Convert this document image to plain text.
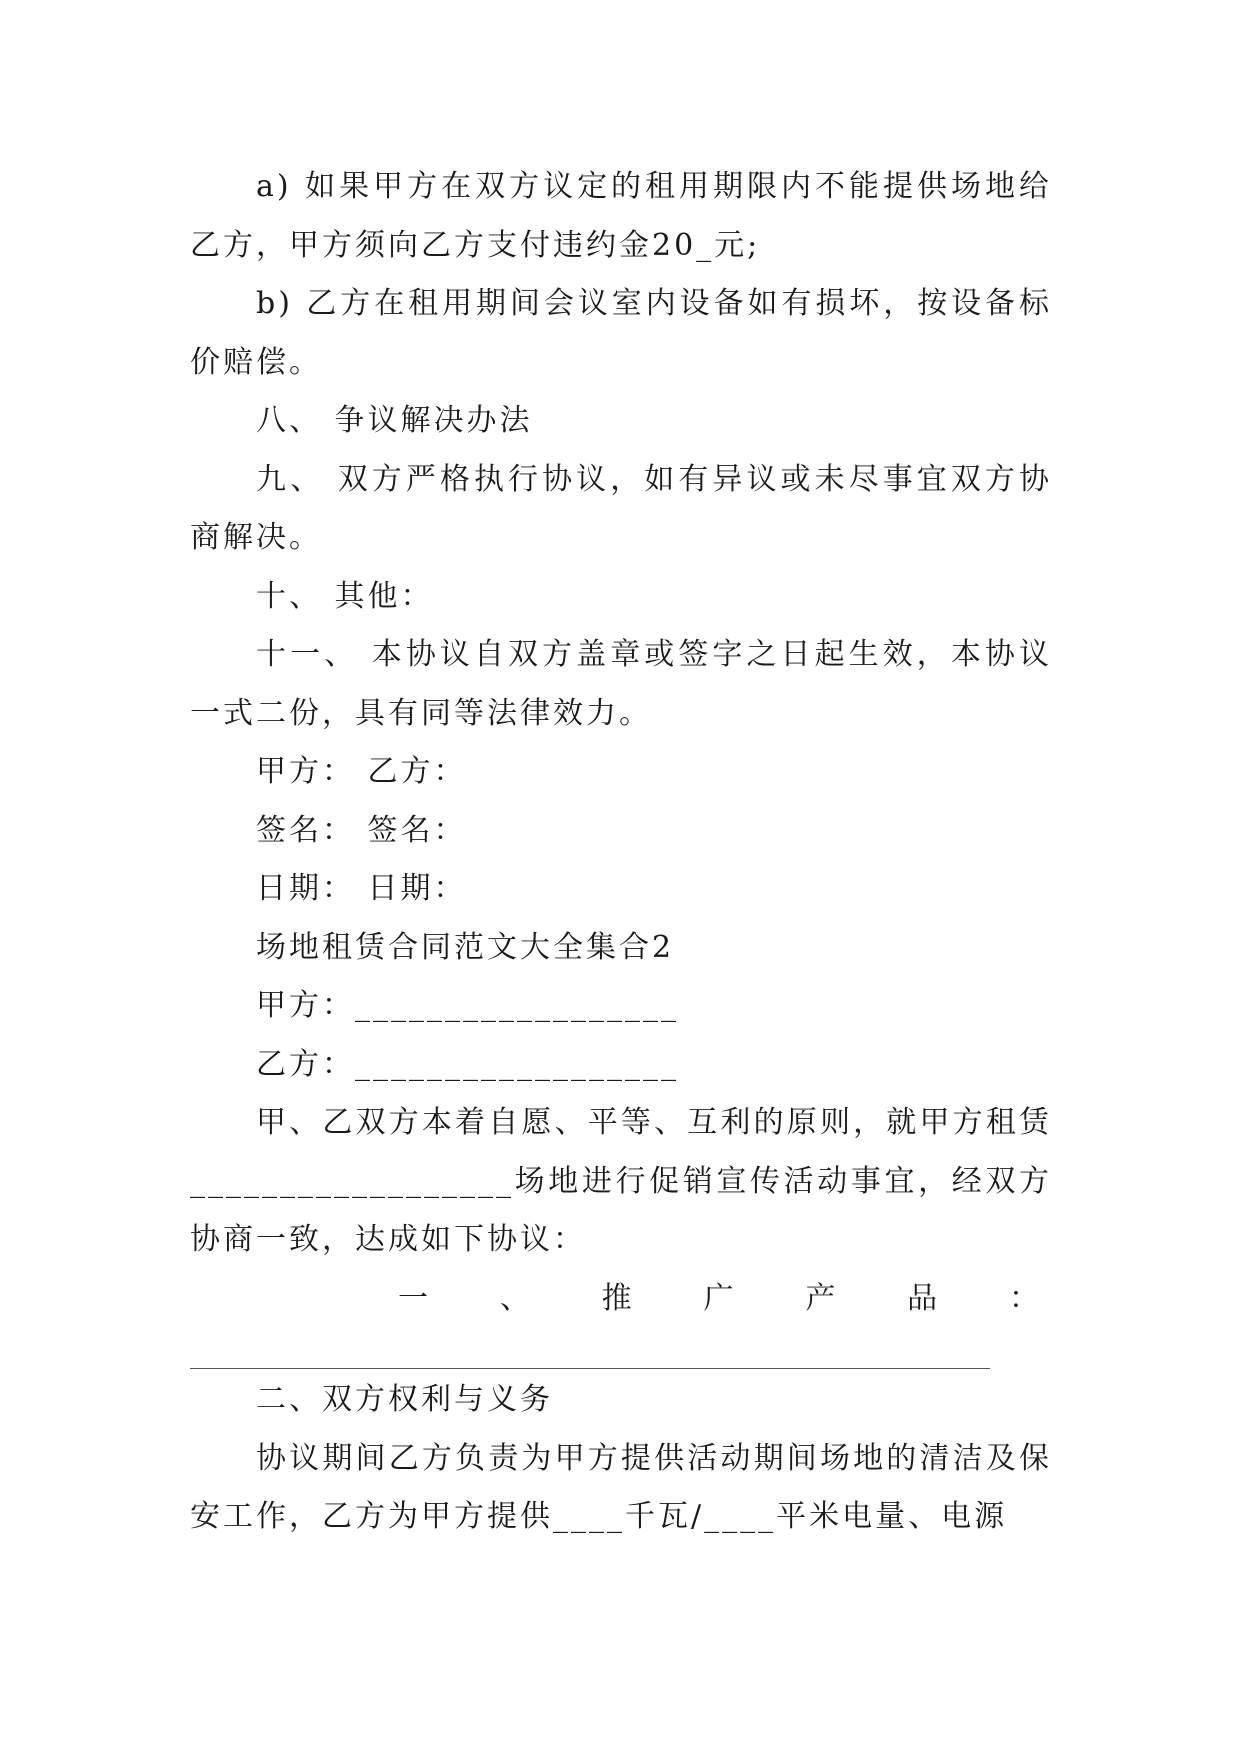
a) 如果甲方在双方议定的租用期限内不能提供场地给乙方，甲方须向乙方支付违约金20_元;

b) 乙方在租用期间会议室内设备如有损坏，按设备标价赔偿。

八、 争议解决办法

九、 双方严格执行协议，如有异议或未尽事宜双方协商解决。

十、 其他：

十一、 本协议自双方盖章或签字之日起生效，本协议一式二份，具有同等法律效力。

甲方： 乙方：

签名： 签名：

日期： 日期：

场地租赁合同范文大全集合2

甲方：__________________

乙方：__________________

甲、乙双方本着自愿、平等、互利的原则，就甲方租赁__________________场地进行促销宣传活动事宜，经双方协商一致，达成如下协议：

一 、 推 广 产 品 ：

二、双方权利与义务

协议期间乙方负责为甲方提供活动期间场地的清洁及保安工作，乙方为甲方提供____千瓦/____平米电量、电源
